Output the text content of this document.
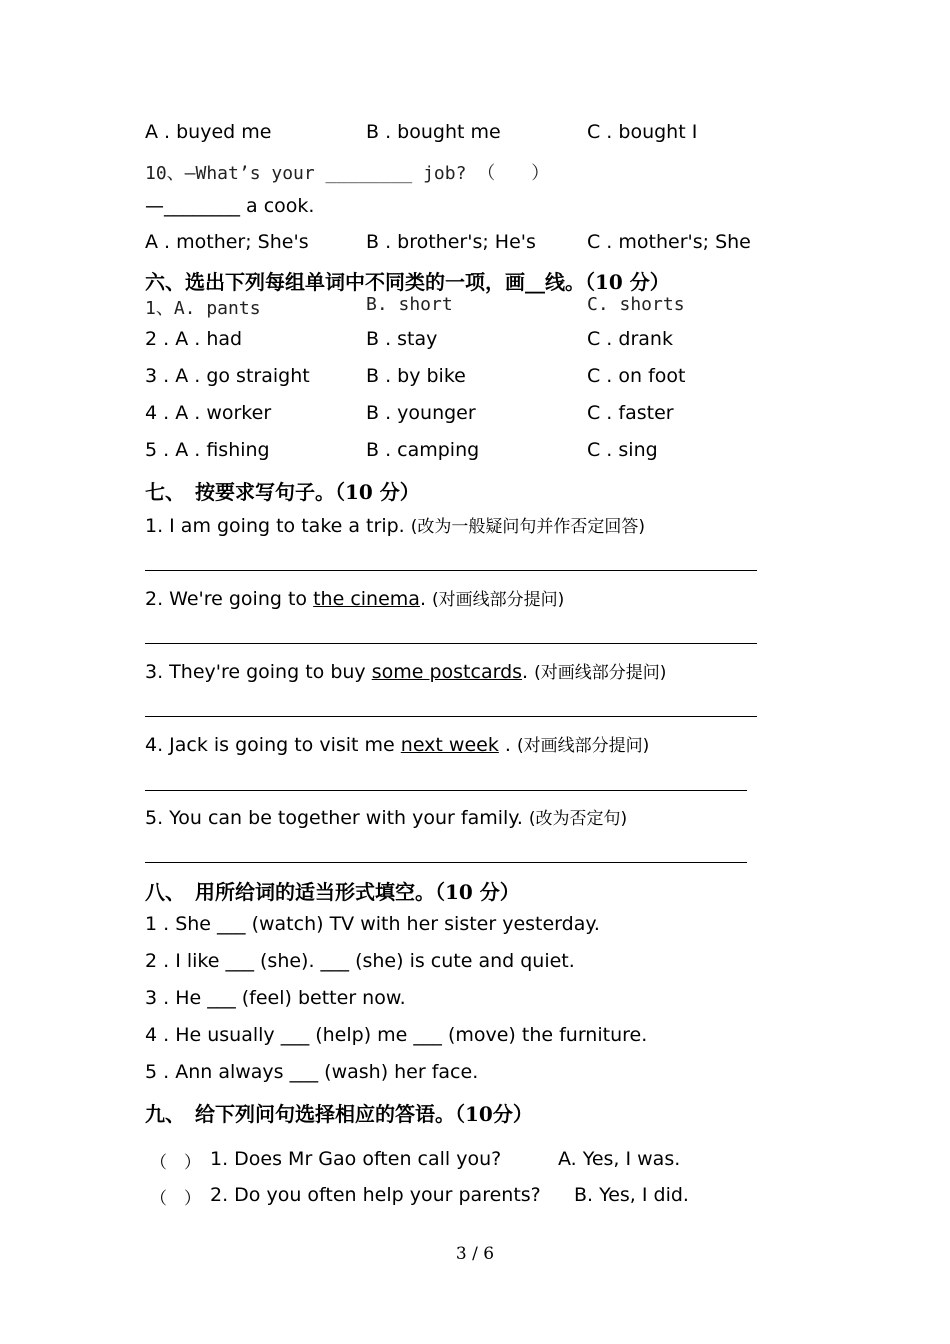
A . buyed me	B . bought me	C . bought I
10、—What’s your ________ job? （　　）
—________ a cook.
A . mother; She's	B . brother's; He's	C . mother's; She
六、选出下列每组单词中不同类的一项，画__线。（10 分）
1、A. pants	B. short	C. shorts
2 . A . had	B . stay	C . drank
3 . A . go straight	B . by bike	C . on foot
4 . A . worker	B . younger	C . faster
5 . A . fishing	B . camping	C . sing
七、　按要求写句子。（10 分）
1. I am going to take a trip. (改为一般疑问句并作否定回答)
2. We're going to the cinema. (对画线部分提问)
3. They're going to buy some postcards. (对画线部分提问)
4. Jack is going to visit me next week . (对画线部分提问)
5. You can be together with your family. (改为否定句)
八、　用所给词的适当形式填空。（10 分）
1 . She ___ (watch) TV with her sister yesterday.
2 . I like ___ (she). ___ (she) is cute and quiet.
3 . He ___ (feel) better now.
4 . He usually ___ (help) me ___ (move) the furniture.
5 . Ann always ___ (wash) her face.
九、　给下列问句选择相应的答语。（10分）
（　） 1. Does Mr Gao often call you?	A. Yes, I was.
（　） 2. Do you often help your parents? B. Yes, I did.
3 / 6
